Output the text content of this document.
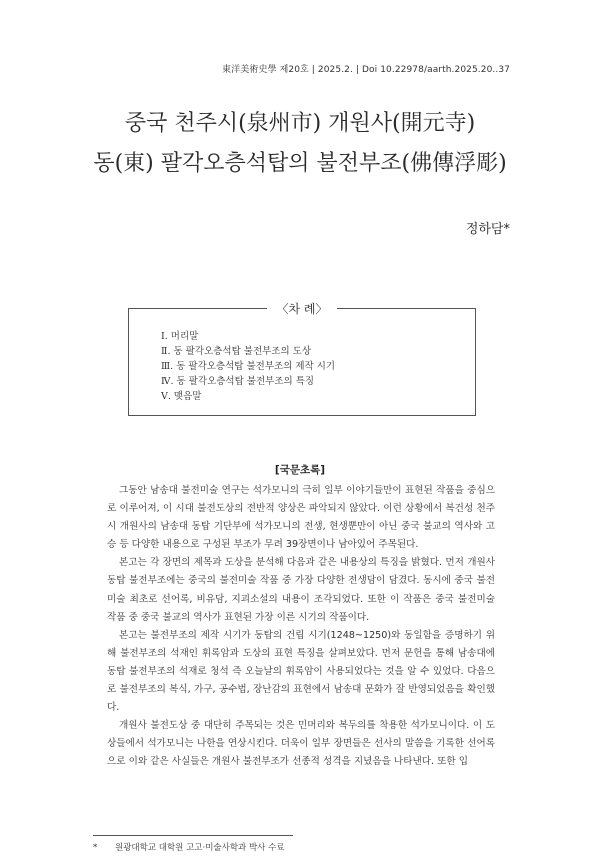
東洋美術史學 제20호 | 2025.2. | Doi 10.22978/aarth.2025.20..37
중국 천주시(泉州市) 개원사(開元寺)
동(東) 팔각오층석탑의 불전부조(佛傳浮彫)
정하담*
〈차 례〉
Ⅰ. 머리말
Ⅱ. 동 팔각오층석탑 불전부조의 도상
Ⅲ. 동 팔각오층석탑 불전부조의 제작 시기
Ⅳ. 동 팔각오층석탑 불전부조의 특징
Ⅴ. 맺음말
[국문초록]

그동안 남송대 불전미술 연구는 석가모니의 극히 일부 이야기들만이 표현된 작품을 중심으로 이루어져, 이 시대 불전도상의 전반적 양상은 파악되지 않았다. 이런 상황에서 복건성 천주시 개원사의 남송대 동탑 기단부에 석가모니의 전생, 현생뿐만이 아닌 중국 불교의 역사와 고승 등 다양한 내용으로 구성된 부조가 무려 39장면이나 남아있어 주목된다.

본고는 각 장면의 제목과 도상을 분석해 다음과 같은 내용상의 특징을 밝혔다. 먼저 개원사 동탑 불전부조에는 중국의 불전미술 작품 중 가장 다양한 전생담이 담겼다. 동시에 중국 불전미술 최초로 선어록, 비유담, 지괴소설의 내용이 조각되었다. 또한 이 작품은 중국 불전미술 작품 중 중국 불교의 역사가 표현된 가장 이른 시기의 작품이다.

본고는 불전부조의 제작 시기가 동탑의 건립 시기(1248~1250)와 동일함을 증명하기 위해 불전부조의 석재인 휘록암과 도상의 표현 특징을 살펴보았다. 먼저 문헌을 통해 남송대에 동탑 불전부조의 석재로 청석 즉 오늘날의 휘록암이 사용되었다는 것을 알 수 있었다. 다음으로 불전부조의 복식, 가구, 공수법, 장난감의 표현에서 남송대 문화가 잘 반영되었음을 확인했다.

개원사 불전도상 중 대단히 주목되는 것은 민머리와 복두의를 착용한 석가모니이다. 이 도상들에서 석가모니는 나한을 연상시킨다. 더욱이 일부 장면들은 선사의 말씀을 기록한 선어록으로 이와 같은 사실들은 개원사 불전부조가 선종적 성격을 지녔음을 나타낸다. 또한 입

* 원광대학교 대학원 고고·미술사학과 박사 수료
